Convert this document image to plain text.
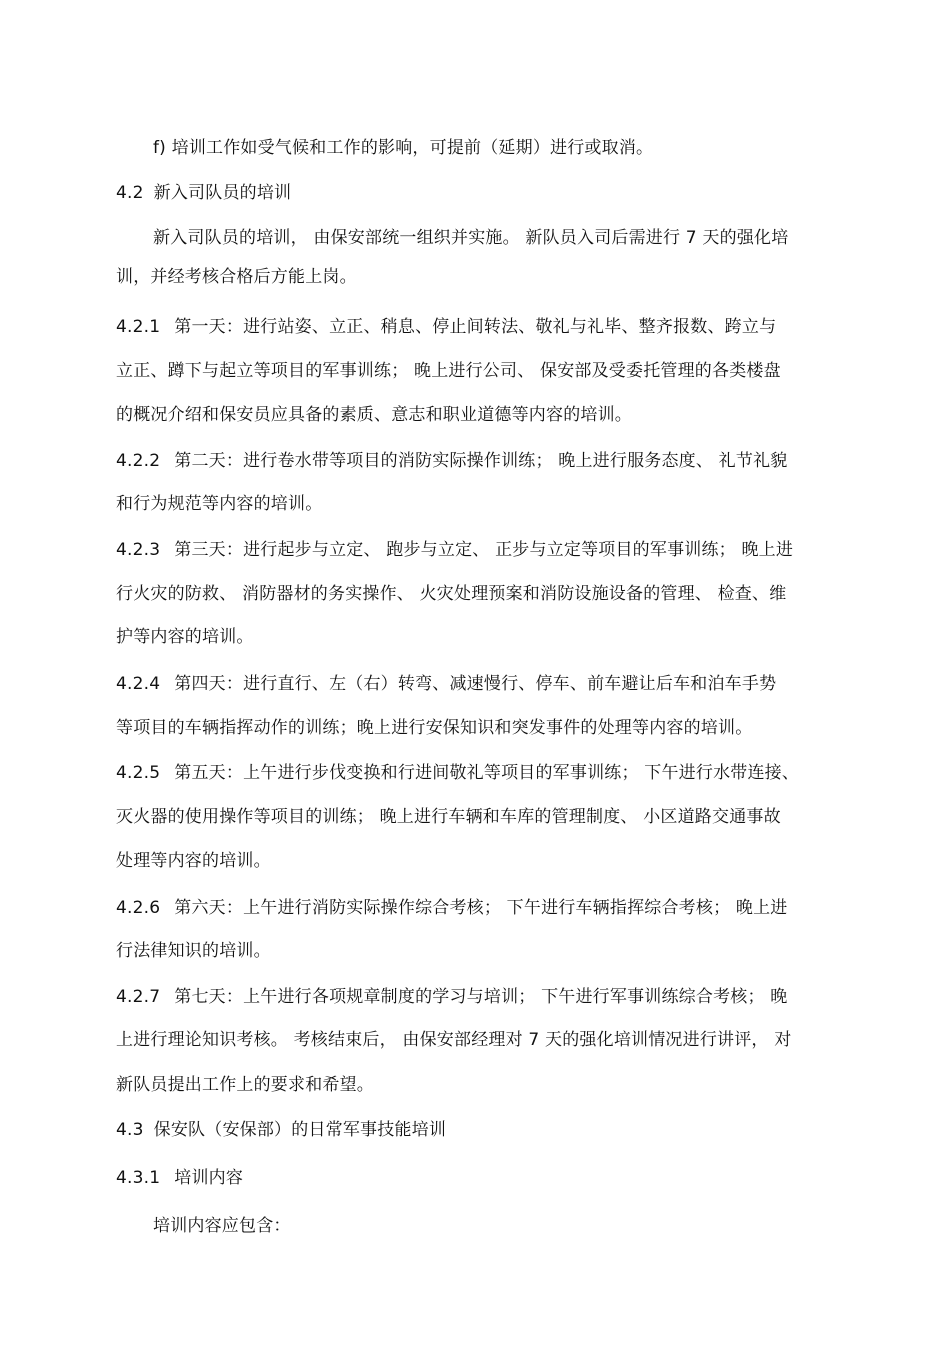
f) 培训工作如受气候和工作的影响，可提前（延期）进行或取消。
4.2 新入司队员的培训
新入司队员的培训， 由保安部统一组织并实施。 新队员入司后需进行 7 天的强化培
训，并经考核合格后方能上岗。
4.2.1 第一天：进行站姿、立正、稍息、停止间转法、敬礼与礼毕、整齐报数、跨立与
立正、蹲下与起立等项目的军事训练； 晚上进行公司、 保安部及受委托管理的各类楼盘
的概况介绍和保安员应具备的素质、意志和职业道德等内容的培训。
4.2.2 第二天：进行卷水带等项目的消防实际操作训练； 晚上进行服务态度、 礼节礼貌
和行为规范等内容的培训。
4.2.3 第三天：进行起步与立定、 跑步与立定、 正步与立定等项目的军事训练； 晚上进
行火灾的防救、 消防器材的务实操作、 火灾处理预案和消防设施设备的管理、 检查、维
护等内容的培训。
4.2.4 第四天：进行直行、左（右）转弯、减速慢行、停车、前车避让后车和泊车手势
等项目的车辆指挥动作的训练；晚上进行安保知识和突发事件的处理等内容的培训。
4.2.5 第五天：上午进行步伐变换和行进间敬礼等项目的军事训练； 下午进行水带连接、
灭火器的使用操作等项目的训练； 晚上进行车辆和车库的管理制度、 小区道路交通事故
处理等内容的培训。
4.2.6 第六天：上午进行消防实际操作综合考核； 下午进行车辆指挥综合考核； 晚上进
行法律知识的培训。
4.2.7 第七天：上午进行各项规章制度的学习与培训； 下午进行军事训练综合考核； 晚
上进行理论知识考核。 考核结束后， 由保安部经理对 7 天的强化培训情况进行讲评， 对
新队员提出工作上的要求和希望。
4.3 保安队（安保部）的日常军事技能培训
4.3.1 培训内容
培训内容应包含：
